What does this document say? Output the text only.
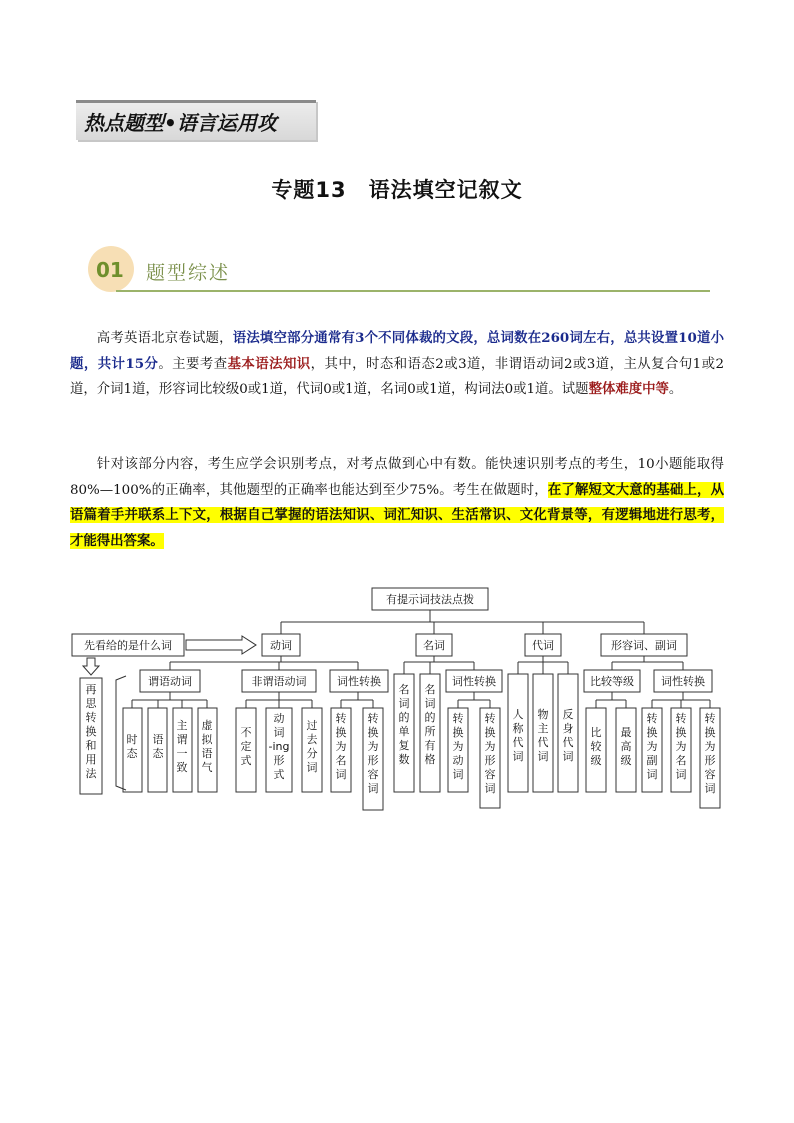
热点题型•语言运用攻
专题13　语法填空记叙文
01 题型综述
高考英语北京卷试题，语法填空部分通常有3个不同体裁的文段，总词数在260词左右，总共设置10道小题，共计15分。主要考查基本语法知识，其中，时态和语态2或3道，非谓语动词2或3道，主从复合句1或2道，介词1道，形容词比较级0或1道，代词0或1道，名词0或1道，构词法0或1道。试题整体难度中等。
针对该部分内容，考生应学会识别考点，对考点做到心中有数。能快速识别考点的考生，10小题能取得80%—100%的正确率，其他题型的正确率也能达到至少75%。考生在做题时，在了解短文大意的基础上，从语篇着手并联系上下文，根据自己掌握的语法知识、词汇知识、生活常识、文化背景等，有逻辑地进行思考，才能得出答案。
有提示词技法点拨
先看给的是什么词	动词	名词	代词	形容词、副词
谓语动词	非谓语动词	词性转换	词性转换	比较等级 词性转换
再思转换和用法
时态
语态
主谓一致
虚拟语气
不定式
动词-ing 形式
过去分词
转换为名词
转换为形容词
名词的单复数
名词的所有格
转换为动词
转换为形容词
人称代词
物主代词
反身代词
比较级
最高级
转换为副词
转换为名词
转换为形容词
